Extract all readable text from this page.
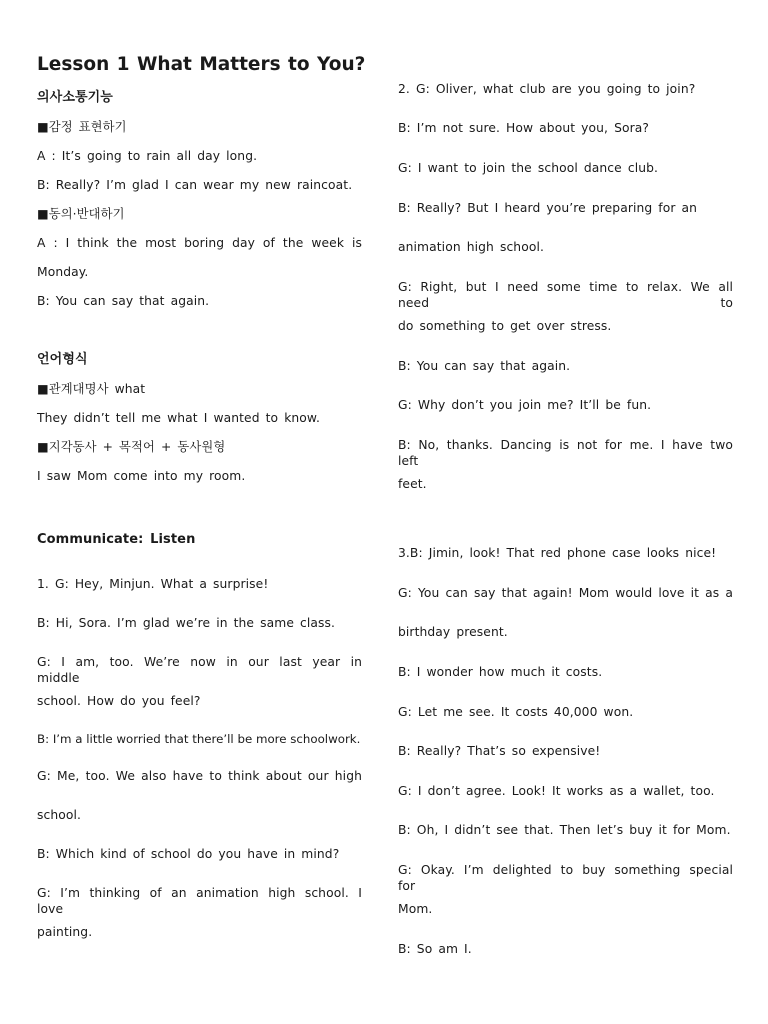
Lesson 1 What Matters to You?
의사소통기능
■감정 표현하기
A : It’s going to rain all day long.
B: Really? I’m glad I can wear my new raincoat.
■동의·반대하기
A : I think the most boring day of the week is
Monday.
B: You can say that again.
언어형식
■관계대명사 what
They didn’t tell me what I wanted to know.
■지각동사 + 목적어 + 동사원형
I saw Mom come into my room.
Communicate: Listen
1. G: Hey, Minjun. What a surprise!
B: Hi, Sora. I’m glad we’re in the same class.
G: I am, too. We’re now in our last year in middle
school. How do you feel?
B: I’m a little worried that there’ll be more schoolwork.
G: Me, too. We also have to think about our high
school.
B: Which kind of school do you have in mind?
G: I’m thinking of an animation high school. I love
painting.
2. G: Oliver, what club are you going to join?
B: I’m not sure. How about you, Sora?
G: I want to join the school dance club.
B: Really? But I heard you’re preparing for an
animation high school.
G: Right, but I need some time to relax. We all need to
do something to get over stress.
B: You can say that again.
G: Why don’t you join me? It’ll be fun.
B: No, thanks. Dancing is not for me. I have two left
feet.
3.B: Jimin, look! That red phone case looks nice!
G: You can say that again! Mom would love it as a
birthday present.
B: I wonder how much it costs.
G: Let me see. It costs 40,000 won.
B: Really? That’s so expensive!
G: I don’t agree. Look! It works as a wallet, too.
B: Oh, I didn’t see that. Then let’s buy it for Mom.
G: Okay. I’m delighted to buy something special for
Mom.
B: So am I.
